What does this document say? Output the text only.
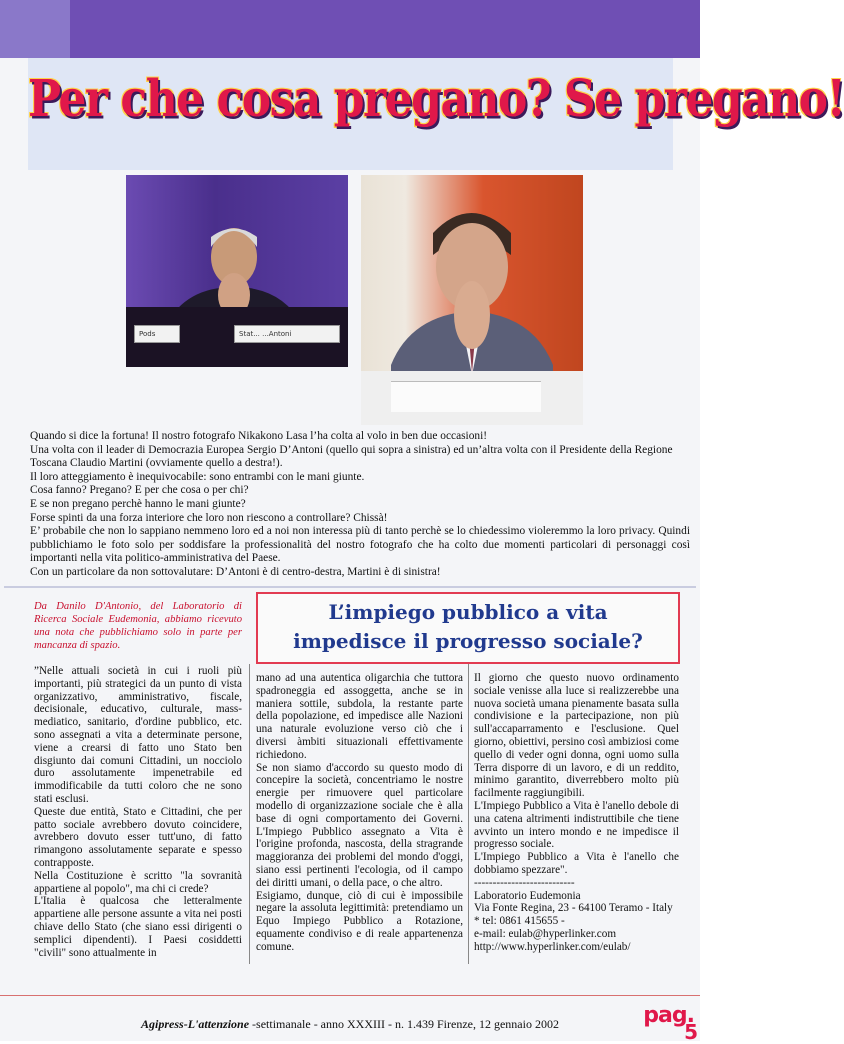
Per che cosa pregano? Se pregano!
Pods	Stat... ...Antoni

Quando si dice la fortuna! Il nostro fotografo Nikakono Lasa l’ha colta al volo in ben due occasioni!

Una volta con il leader di Democrazia Europea Sergio D’Antoni (quello qui sopra a sinistra) ed un’altra volta con il Presidente della Regione Toscana Claudio Martini (ovviamente quello a destra!).

Il loro atteggiamento è inequivocabile: sono entrambi con le mani giunte.

Cosa fanno? Pregano? E per che cosa o per chi?

E se non pregano perchè hanno le mani giunte?

Forse spinti da una forza interiore che loro non riescono a controllare? Chissà!

E’ probabile che non lo sappiano nemmeno loro ed a noi non interessa più di tanto perchè se lo chiedessimo violeremmo la loro privacy. Quindi pubblichiamo le foto solo per soddisfare la professionalità del nostro fotografo che ha colto due momenti particolari di personaggi così importanti nella vita politico-amministrativa del Paese.

Con un particolare da non sottovalutare: D’Antoni è di centro-destra, Martini è di sinistra!

Da Danilo D'Antonio, del Laboratorio di Ricerca Sociale Eudemonia, abbiamo ricevuto una nota che pubblichiamo solo in parte per mancanza di spazio.
L’impiego pubblico a vita
impedisce il progresso sociale?

”Nelle attuali società in cui i ruoli più importanti, più strategici da un punto di vista organizzativo, amministrativo, fiscale, decisionale, educativo, culturale, mass-mediatico, sanitario, d'ordine pubblico, etc. sono assegnati a vita a determinate persone, viene a crearsi di fatto uno Stato ben disgiunto dai comuni Cittadini, un nocciolo duro assolutamente impenetrabile ed immodificabile da tutti coloro che ne sono stati esclusi.

Queste due entità, Stato e Cittadini, che per patto sociale avrebbero dovuto coincidere, avrebbero dovuto esser tutt'uno, di fatto rimangono assolutamente separate e spesso contrapposte.

Nella Costituzione è scritto "la sovranità appartiene al popolo", ma chi ci crede?

L'Italia è qualcosa che letteralmente appartiene alle persone assunte a vita nei posti chiave dello Stato (che siano essi dirigenti o semplici dipendenti). I Paesi cosiddetti "civili" sono attualmente in

mano ad una autentica oligarchia che tuttora spadroneggia ed assoggetta, anche se in maniera sottile, subdola, la restante parte della popolazione, ed impedisce alle Nazioni una naturale evoluzione verso ciò che i diversi àmbiti situazionali effettivamente richiedono.

Se non siamo d'accordo su questo modo di concepire la società, concentriamo le nostre energie per rimuovere quel particolare modello di organizzazione sociale che è alla base di ogni comportamento dei Governi. L'Impiego Pubblico assegnato a Vita è l'origine profonda, nascosta, della stragrande maggioranza dei problemi del mondo d'oggi, siano essi pertinenti l'ecologia, od il campo dei diritti umani, o della pace, o che altro.

Esigiamo, dunque, ciò di cui è impossibile negare la assoluta legittimità: pretendiamo un Equo Impiego Pubblico a Rotazione, equamente condiviso e di reale appartenenza comune.

Il giorno che questo nuovo ordinamento sociale venisse alla luce si realizzerebbe una nuova società umana pienamente basata sulla condivisione e la partecipazione, non più sull'accaparramento e l'esclusione. Quel giorno, obiettivi, persino così ambiziosi come quello di veder ogni donna, ogni uomo sulla Terra disporre di un lavoro, e di un reddito, minimo garantito, diverrebbero molto più facilmente raggiungibili.

L'Impiego Pubblico a Vita è l'anello debole di una catena altrimenti indistruttibile che tiene avvinto un intero mondo e ne impedisce il progresso sociale.

L'Impiego Pubblico a Vita è l'anello che dobbiamo spezzare".

---------------------------

Laboratorio Eudemonia

Via Fonte Regina, 23 - 64100 Teramo - Italy * tel: 0861 415655 -

e-mail: eulab@hyperlinker.com

http://www.hyperlinker.com/eulab/

Agipress-L'attenzione -settimanale - anno XXXIII - n. 1.439 Firenze, 12 gennaio 2002	pag.
5
